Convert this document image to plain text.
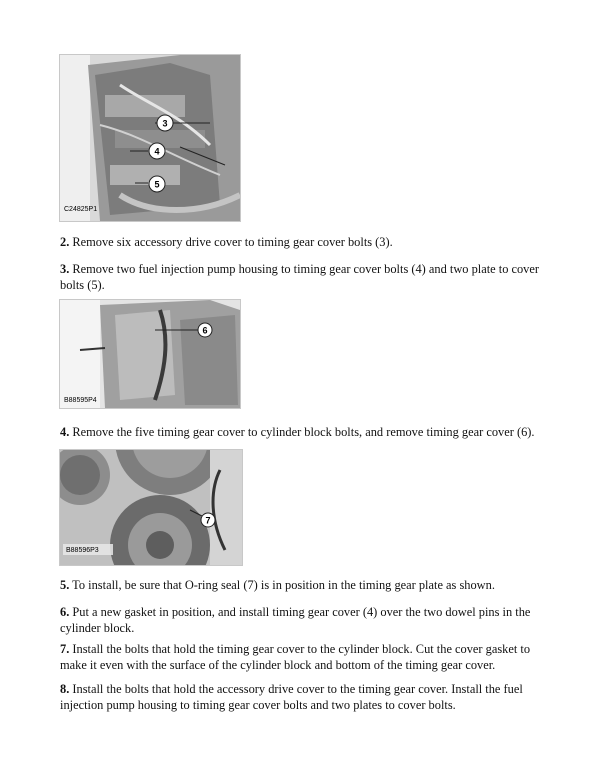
3
4
5
C24825P1

2. Remove six accessory drive cover to timing gear cover bolts (3).

3. Remove two fuel injection pump housing to timing gear cover bolts (4) and two plate to cover bolts (5).

6
B88595P4

4. Remove the five timing gear cover to cylinder block bolts, and remove timing gear cover (6).

7
B88596P3

5. To install, be sure that O-ring seal (7) is in position in the timing gear plate as shown.

6. Put a new gasket in position, and install timing gear cover (4) over the two dowel pins in the cylinder block.

7. Install the bolts that hold the timing gear cover to the cylinder block. Cut the cover gasket to make it even with the surface of the cylinder block and bottom of the timing gear cover.

8. Install the bolts that hold the accessory drive cover to the timing gear cover. Install the fuel injection pump housing to timing gear cover bolts and two plates to cover bolts.
